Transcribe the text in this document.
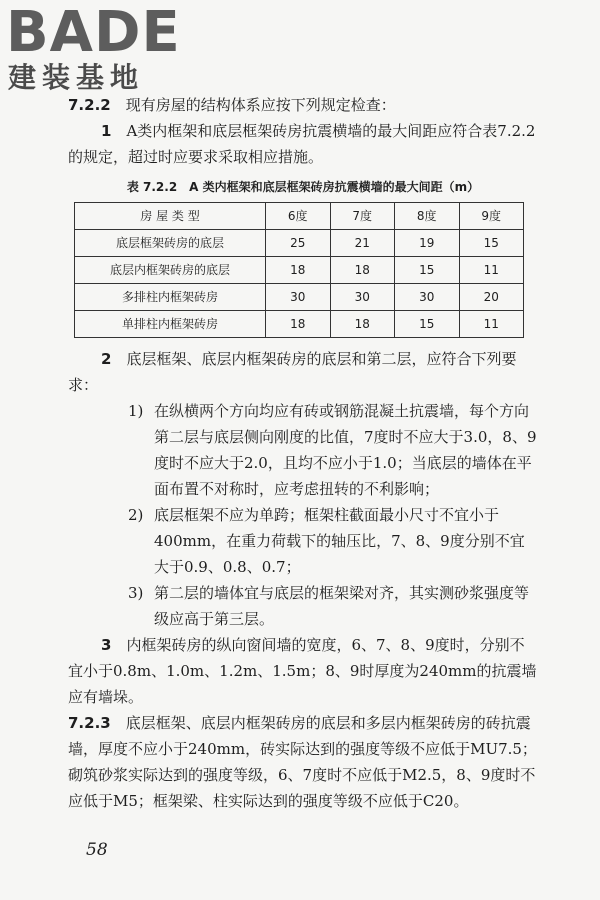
BADE
建装基地

7.2.2　 现有房屋的结构体系应按下列规定检查：

1　 A类内框架和底层框架砖房抗震横墙的最大间距应符合表7.2.2的规定，超过时应要求采取相应措施。

表 7.2.2　A 类内框架和底层框架砖房抗震横墙的最大间距（m）
房 屋 类 型	6度	7度	8度	9度
底层框架砖房的底层	25	21	19	15
底层内框架砖房的底层	18	18	15	11
多排柱内框架砖房	30	30	30	20
单排柱内框架砖房	18	18	15	11

2　 底层框架、底层内框架砖房的底层和第二层，应符合下列要求：

1) 在纵横两个方向均应有砖或钢筋混凝土抗震墙，每个方向第二层与底层侧向刚度的比值，7度时不应大于3.0，8、9度时不应大于2.0，且均不应小于1.0；当底层的墙体在平面布置不对称时，应考虑扭转的不利影响；
2) 底层框架不应为单跨；框架柱截面最小尺寸不宜小于400mm，在重力荷载下的轴压比，7、8、9度分别不宜大于0.9、0.8、0.7；
3) 第二层的墙体宜与底层的框架梁对齐，其实测砂浆强度等级应高于第三层。

3　 内框架砖房的纵向窗间墙的宽度，6、7、8、9度时，分别不宜小于0.8m、1.0m、1.2m、1.5m；8、9时厚度为240mm的抗震墙应有墙垛。

7.2.3　 底层框架、底层内框架砖房的底层和多层内框架砖房的砖抗震墙，厚度不应小于240mm，砖实际达到的强度等级不应低于MU7.5；砌筑砂浆实际达到的强度等级，6、7度时不应低于M2.5，8、9度时不应低于M5；框架梁、柱实际达到的强度等级不应低于C20。

58
